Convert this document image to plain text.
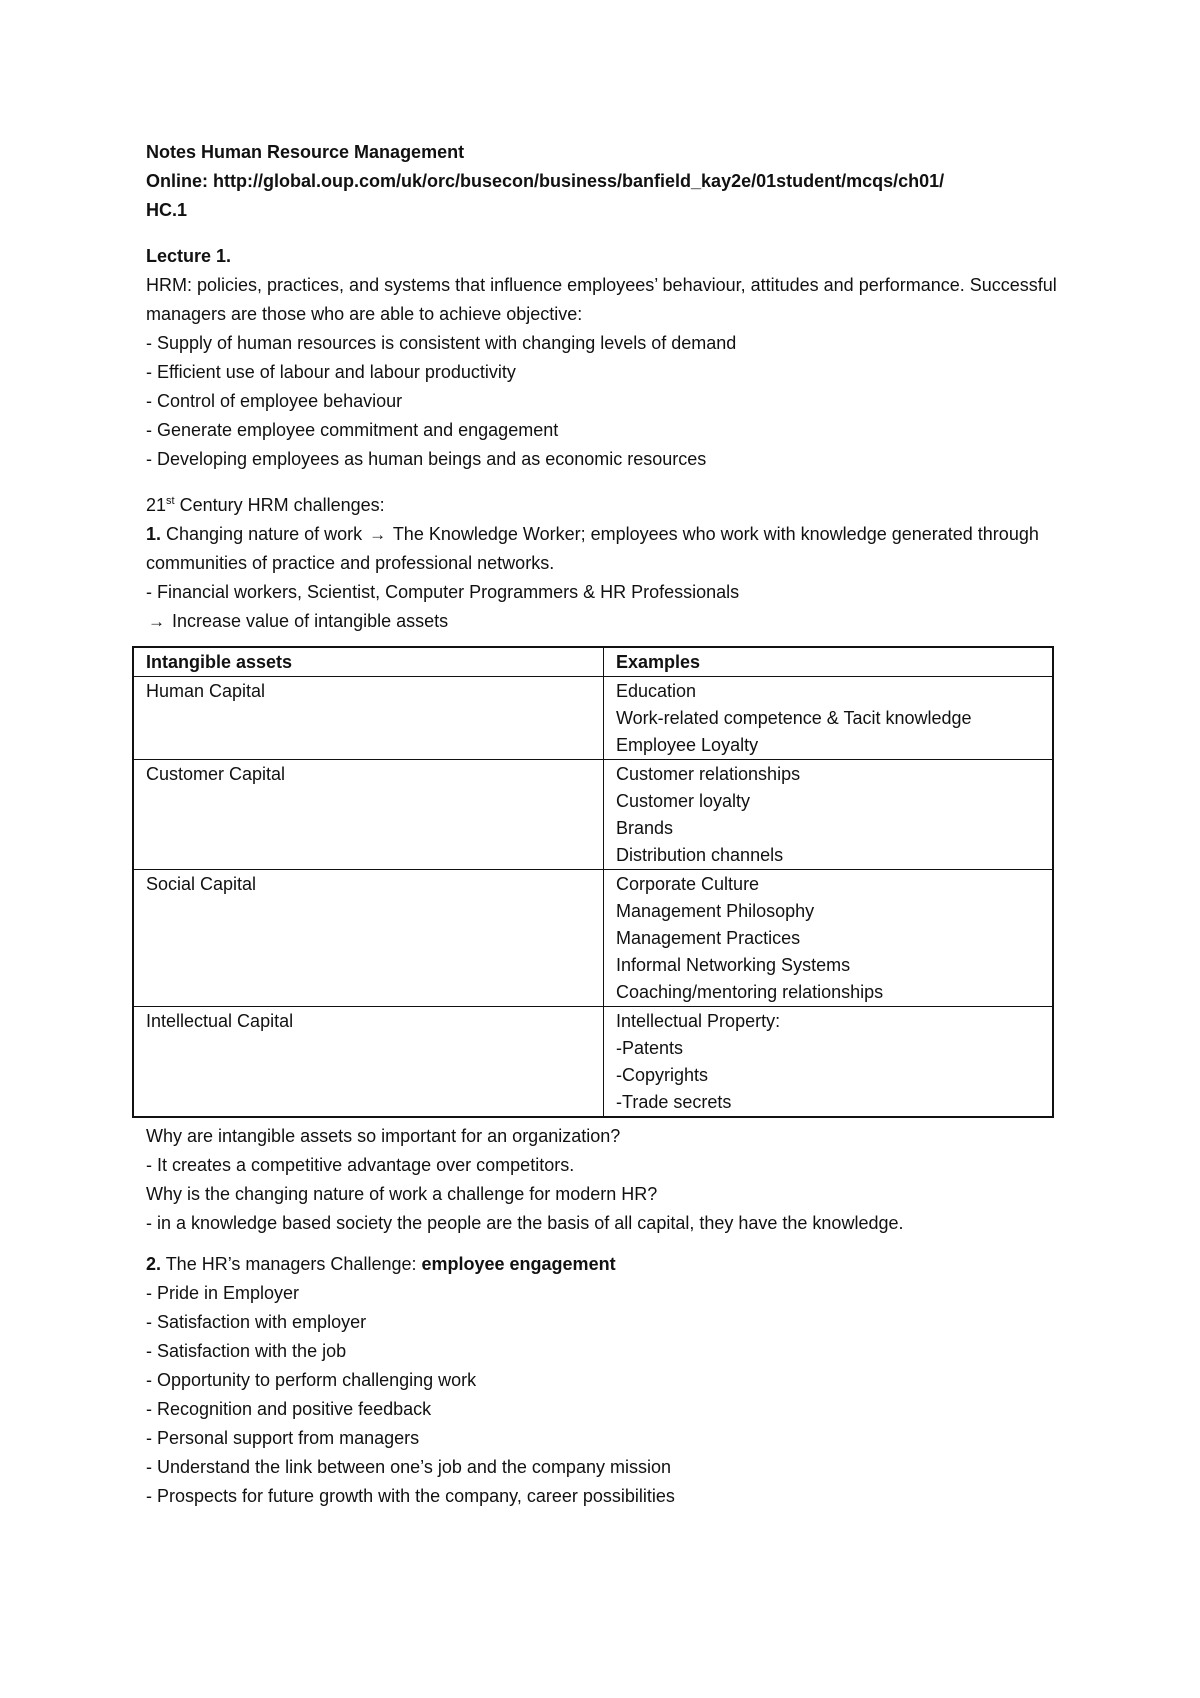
Notes Human Resource Management
Online: http://global.oup.com/uk/orc/busecon/business/banfield_kay2e/01student/mcqs/ch01/
HC.1
Lecture 1.
HRM: policies, practices, and systems that influence employees’ behaviour, attitudes and performance. Successful managers are those who are able to achieve objective:
- Supply of human resources is consistent with changing levels of demand
- Efficient use of labour and labour productivity
- Control of employee behaviour
- Generate employee commitment and engagement
- Developing employees as human beings and as economic resources
21st Century HRM challenges:
1. Changing nature of work → The Knowledge Worker; employees who work with knowledge generated through communities of practice and professional networks.
- Financial workers, Scientist, Computer Programmers & HR Professionals
→ Increase value of intangible assets
Intangible assets	Examples
Human Capital	Education
Work-related competence & Tacit knowledge
Employee Loyalty

Customer Capital	Customer relationships
Customer loyalty
Brands
Distribution channels

Social Capital	Corporate Culture
Management Philosophy
Management Practices
Informal Networking Systems
Coaching/mentoring relationships

Intellectual Capital	Intellectual Property:
-Patents
-Copyrights
-Trade secrets
Why are intangible assets so important for an organization?
- It creates a competitive advantage over competitors.
Why is the changing nature of work a challenge for modern HR?
- in a knowledge based society the people are the basis of all capital, they have the knowledge.
2. The HR’s managers Challenge: employee engagement
- Pride in Employer
- Satisfaction with employer
- Satisfaction with the job
- Opportunity to perform challenging work
- Recognition and positive feedback
- Personal support from managers
- Understand the link between one’s job and the company mission
- Prospects for future growth with the company, career possibilities
